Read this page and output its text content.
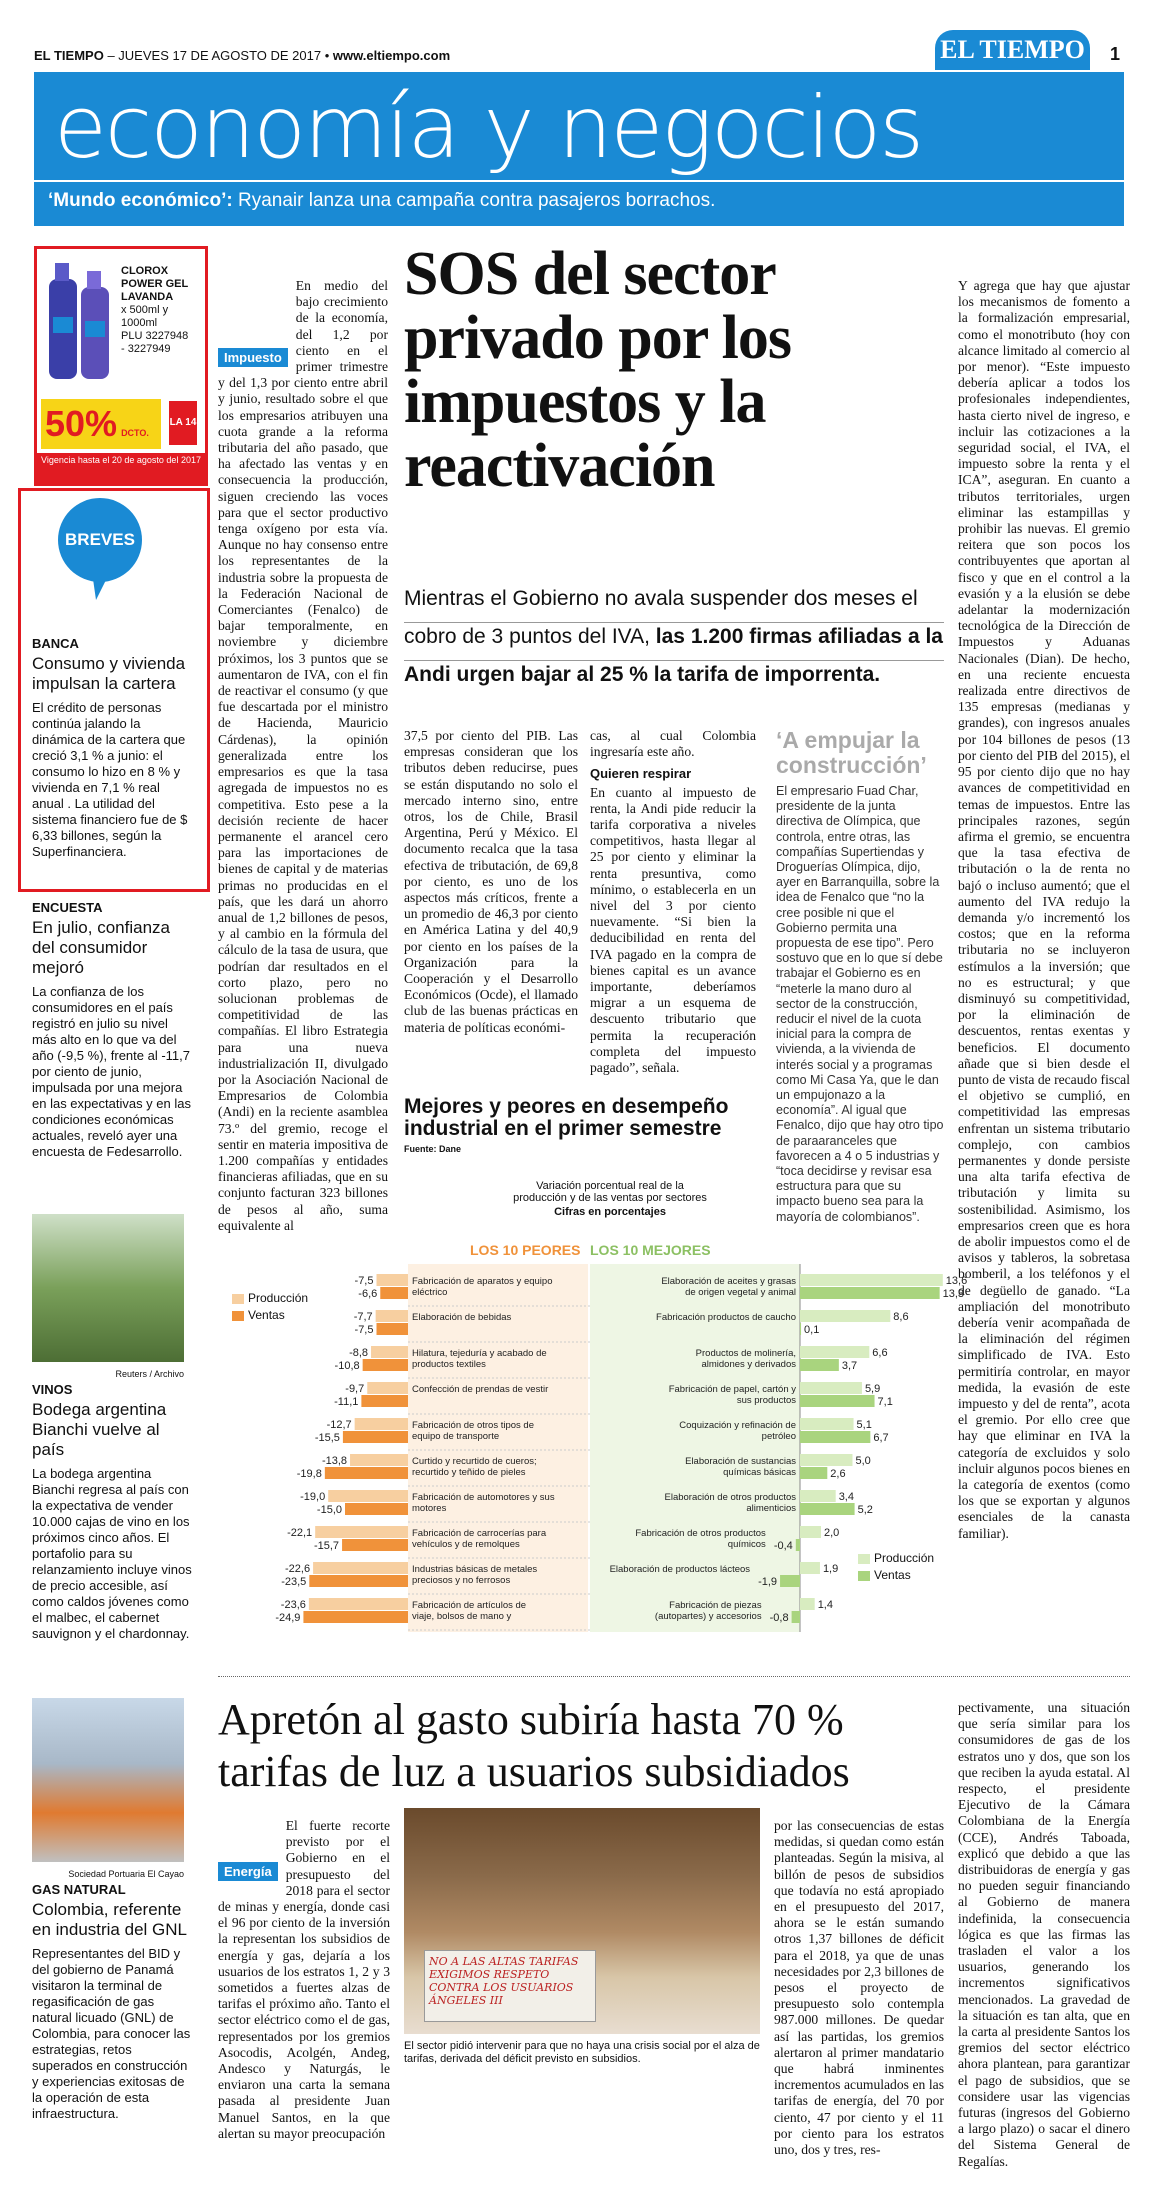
EL TIEMPO – JUEVES 17 DE AGOSTO DE 2017 • www.eltiempo.com	EL TIEMPO 1
economía y negocios
‘Mundo económico’: Ryanair lanza una campaña contra pasajeros borrachos.
CLOROX POWER GEL LAVANDA
x 500ml y 1000ml
PLU 3227948
- 3227949
50% DCTO.
LA 14
Vigencia hasta el 20 de agosto del 2017
BREVES
BANCA
Consumo y vivienda impulsan la cartera
El crédito de personas continúa jalando la dinámica de la cartera que creció 3,1 % a junio: el consumo lo hizo en 8 % y vivienda en 7,1 % real anual . La utilidad del sistema financiero fue de $ 6,33 billones, según la Superfinanciera.
ENCUESTA
En julio, confianza del consumidor mejoró
La confianza de los consumidores en el país registró en julio su nivel más alto en lo que va del año (-9,5 %), frente al -11,7 por ciento de junio, impulsada por una mejora en las expectativas y en las condiciones económicas actuales, reveló ayer una encuesta de Fedesarrollo.
Reuters / Archivo
VINOS
Bodega argentina Bianchi vuelve al país
La bodega argentina Bianchi regresa al país con la expectativa de vender 10.000 cajas de vino en los próximos cinco años. El portafolio para su relanzamiento incluye vinos de precio accesible, así como caldos jóvenes como el malbec, el cabernet sauvignon y el chardonnay.
Sociedad Portuaria El Cayao
GAS NATURAL
Colombia, referente en industria del GNL
Representantes del BID y del gobierno de Panamá visitaron la terminal de regasificación de gas natural licuado (GNL) de Colombia, para conocer las estrategias, retos superados en construcción y experiencias exitosas de la operación de esta infraestructura.
SOS del sector privado por los impuestos y la reactivación
Mientras el Gobierno no avala suspender dos meses el cobro de 3 puntos del IVA, las 1.200 firmas afiliadas a la Andi urgen bajar al 25 % la tarifa de imporrenta.
Impuesto
En medio del bajo crecimiento de la economía, del 1,2 por ciento en el primer trimestre y del 1,3 por ciento entre abril y junio, resultado sobre el que los empresarios atribuyen una cuota grande a la reforma tributaria del año pasado, que ha afectado las ventas y en consecuencia la producción, siguen creciendo las voces para que el sector productivo tenga oxígeno por esta vía. Aunque no hay consenso entre los representantes de la industria sobre la propuesta de la Federación Nacional de Comerciantes (Fenalco) de bajar temporalmente, en noviembre y diciembre próximos, los 3 puntos que se aumentaron de IVA, con el fin de reactivar el consumo (y que fue descartada por el ministro de Hacienda, Mauricio Cárdenas), la opinión generalizada entre los empresarios es que la tasa agregada de impuestos no es competitiva. Esto pese a la decisión reciente de hacer permanente el arancel cero para las importaciones de bienes de capital y de materias primas no producidas en el país, que les dará un ahorro anual de 1,2 billones de pesos, y al cambio en la fórmula del cálculo de la tasa de usura, que podrían dar resultados en el corto plazo, pero no solucionan problemas de competitividad de las compañías. El libro Estrategia para una nueva industrialización II, divulgado por la Asociación Nacional de Empresarios de Colombia (Andi) en la reciente asamblea 73.º del gremio, recoge el sentir en materia impositiva de 1.200 compañías y entidades financieras afiliadas, que en su conjunto facturan 323 billones de pesos al año, suma equivalente al
37,5 por ciento del PIB. Las empresas consideran que los tributos deben reducirse, pues se están disputando no solo el mercado interno sino, entre otros, los de Chile, Brasil Argentina, Perú y México. El documento recalca que la tasa efectiva de tributación, de 69,8 por ciento, es uno de los aspectos más críticos, frente a un promedio de 46,3 por ciento en América Latina y del 40,9 por ciento en los países de la Organización para la Cooperación y el Desarrollo Económicos (Ocde), el llamado club de las buenas prácticas en materia de políticas económi-
cas, al cual Colombia ingresaría este año.
Quieren respirar
En cuanto al impuesto de renta, la Andi pide reducir la tarifa corporativa a niveles competitivos, hasta llegar al 25 por ciento y eliminar la renta presuntiva, como mínimo, o establecerla en un nivel del 3 por ciento nuevamente. “Si bien la deducibilidad en renta del IVA pagado en la compra de bienes capital es un avance importante, deberíamos migrar a un esquema de descuento tributario que permita la recuperación completa del impuesto pagado”, señala.
‘A empujar la construcción’
El empresario Fuad Char, presidente de la junta directiva de Olímpica, que controla, entre otras, las compañías Supertiendas y Droguerías Olímpica, dijo, ayer en Barranquilla, sobre la idea de Fenalco que “no la cree posible ni que el Gobierno permita una propuesta de ese tipo”. Pero sostuvo que en lo que sí debe trabajar el Gobierno es en “meterle la mano duro al sector de la construcción, reducir el nivel de la cuota inicial para la compra de vivienda, a la vivienda de interés social y a programas como Mi Casa Ya, que le dan un empujonazo a la economía”. Al igual que Fenalco, dijo que hay otro tipo de paraaranceles que favorecen a 4 o 5 industrias y “toca decidirse y revisar esa estructura para que su impacto bueno sea para la mayoría de colombianos”.
Y agrega que hay que ajustar los mecanismos de fomento a la formalización empresarial, como el monotributo (hoy con alcance limitado al comercio al por menor). “Este impuesto debería aplicar a todos los profesionales independientes, hasta cierto nivel de ingreso, e incluir las cotizaciones a la seguridad social, el IVA, el impuesto sobre la renta y el ICA”, aseguran. En cuanto a tributos territoriales, urgen eliminar las estampillas y prohibir las nuevas. El gremio reitera que son pocos los contribuyentes que aportan al fisco y que en el control a la evasión y a la elusión se debe adelantar la modernización tecnológica de la Dirección de Impuestos y Aduanas Nacionales (Dian). De hecho, en una reciente encuesta realizada entre directivos de 135 empresas (medianas y grandes), con ingresos anuales por 104 billones de pesos (13 por ciento del PIB del 2015), el 95 por ciento dijo que no hay avances de competitividad en temas de impuestos. Entre las principales razones, según afirma el gremio, se encuentra que la tasa efectiva de tributación o la de renta no bajó o incluso aumentó; que el aumento del IVA redujo la demanda y/o incrementó los costos; que en la reforma tributaria no se incluyeron estímulos a la inversión; que no es estructural; y que disminuyó su competitividad, por la eliminación de descuentos, rentas exentas y beneficios. El documento añade que si bien desde el punto de vista de recaudo fiscal el objetivo se cumplió, en competitividad las empresas enfrentan un sistema tributario complejo, con cambios permanentes y donde persiste una alta tarifa efectiva de tributación y limita su sostenibilidad. Asimismo, los empresarios creen que es hora de abolir impuestos como el de avisos y tableros, la sobretasa bomberil, a los teléfonos y el de degüello de ganado. “La ampliación del monotributo debería venir acompañada de la eliminación del régimen simplificado de IVA. Esto permitiría controlar, en mayor medida, la evasión de este impuesto y del de renta”, acota el gremio. Por ello cree que hay que eliminar en IVA la categoría de excluidos y solo incluir algunos pocos bienes en la categoría de exentos (como los que se exportan y algunos esenciales de la canasta familiar).
Mejores y peores en desempeño industrial en el primer semestre
Fuente: Dane
Variación porcentual real de la producción y de las ventas por sectores
Cifras en porcentajes
LOS 10 PEORES LOS 10 MEJORES
Producción
Ventas
Producción
Ventas
-7,5
-6,6
Fabricación de aparatos y equipo
eléctrico
-7,7
-7,5
Elaboración de bebidas
-8,8
-10,8
Hilatura, tejeduría y acabado de
productos textiles
-9,7
-11,1
Confección de prendas de vestir
-12,7
-15,5
Fabricación de otros tipos de
equipo de transporte
-13,8
-19,8
Curtido y recurtido de cueros;
recurtido y teñido de pieles
-19,0
-15,0
Fabricación de automotores y sus
motores
-22,1
-15,7
Fabricación de carrocerías para
vehículos y de remolques
-22,6
-23,5
Industrias básicas de metales
preciosos y no ferrosos
-23,6
-24,9
Fabricación de artículos de
viaje, bolsos de mano y
13,6
13,3
Elaboración de aceites y grasas
de origen vegetal y animal
8,6
0,1
Fabricación productos de caucho
6,6
3,7
Productos de molinería,
almidones y derivados
5,9
7,1
Fabricación de papel, cartón y
sus productos
5,1
6,7
Coquización y refinación de
petróleo
5,0
2,6
Elaboración de sustancias
químicas básicas
3,4
5,2
Elaboración de otros productos
alimenticios
2,0
-0,4
Fabricación de otros productos
químicos
1,9
-1,9
Elaboración de productos lácteos
1,4
-0,8
Fabricación de piezas
(autopartes) y accesorios
Apretón al gasto subiría hasta 70 % tarifas de luz a usuarios subsidiados
Energía
El fuerte recorte previsto por el Gobierno en el presupuesto del 2018 para el sector de minas y energía, donde casi el 96 por ciento de la inversión la representan los subsidios de energía y gas, dejaría a los usuarios de los estratos 1, 2 y 3 sometidos a fuertes alzas de tarifas el próximo año. Tanto el sector eléctrico como el de gas, representados por los gremios Asocodis, Acolgén, Andeg, Andesco y Naturgás, le enviaron una carta la semana pasada al presidente Juan Manuel Santos, en la que alertan su mayor preocupación
NO A LAS ALTAS TARIFAS EXIGIMOS RESPETO CONTRA LOS USUARIOS ÁNGELES III
El sector pidió intervenir para que no haya una crisis social por el alza de tarifas, derivada del déficit previsto en subsidios.
por las consecuencias de estas medidas, si quedan como están planteadas. Según la misiva, al billón de pesos de subsidios que todavía no está apropiado en el presupuesto del 2017, ahora se le están sumando otros 1,37 billones de déficit para el 2018, ya que de unas necesidades por 2,3 billones de pesos el proyecto de presupuesto solo contempla 987.000 millones. De quedar así las partidas, los gremios alertaron al primer mandatario que habrá inminentes incrementos acumulados en las tarifas de energía, del 70 por ciento, 47 por ciento y el 11 por ciento para los estratos uno, dos y tres, res-
pectivamente, una situación que sería similar para los consumidores de gas de los estratos uno y dos, que son los que reciben la ayuda estatal. Al respecto, el presidente Ejecutivo de la Cámara Colombiana de la Energía (CCE), Andrés Taboada, explicó que debido a que las distribuidoras de energía y gas no pueden seguir financiando al Gobierno de manera indefinida, la consecuencia lógica es que las firmas las trasladen el valor a los usuarios, generando los incrementos significativos mencionados. La gravedad de la situación es tan alta, que en la carta al presidente Santos los gremios del sector eléctrico ahora plantean, para garantizar el pago de subsidios, que se considere usar las vigencias futuras (ingresos del Gobierno a largo plazo) o sacar el dinero del Sistema General de Regalías.
